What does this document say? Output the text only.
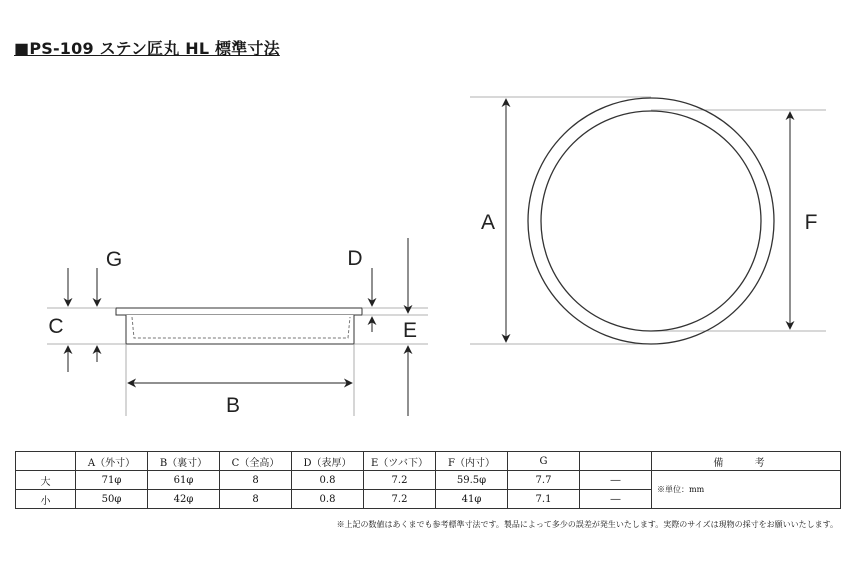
■PS-109 ステン匠丸 HL 標準寸法
C
G	D
E
B
A	F
	A（外寸）	B（裏寸）	C（全高）	D（表厚）	E（ツバ下）	F（内寸）	G		備 考
大	71φ	61φ	8	0.8	7.2	59.5φ	7.7	―	※単位：mm
小	50φ	42φ	8	0.8	7.2	41φ	7.1	―	
※上記の数値はあくまでも参考標準寸法です。製品によって多少の誤差が発生いたします。実際のサイズは現物の採寸をお願いいたします。
